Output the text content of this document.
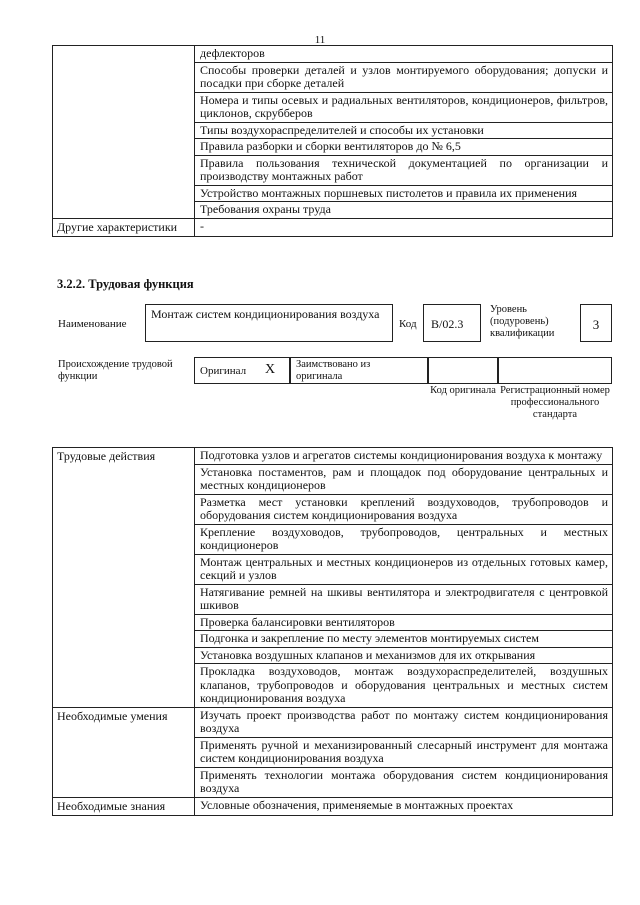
11
	дефлекторов
	Способы проверки деталей и узлов монтируемого оборудования; допуски и посадки при сборке деталей
	Номера и типы осевых и радиальных вентиляторов, кондиционеров, фильтров, циклонов, скрубберов
	Типы воздухораспределителей и способы их установки
	Правила разборки и сборки вентиляторов до № 6,5
	Правила пользования технической документацией по организации и производству монтажных работ
	Устройство монтажных поршневых пистолетов и правила их применения
	Требования охраны труда
Другие характеристики	-
3.2.2. Трудовая функция
Наименование
Монтаж систем кондиционирования воздуха
Код	В/02.3
Уровень (подуровень) квалификации
3
Происхождение трудовой функции	Оригинал Х Заимствовано из оригинала
Код оригинала Регистрационный номер профессионального стандарта
Трудовые действия	Подготовка узлов и агрегатов системы кондиционирования воздуха к монтажу
	Установка постаментов, рам и площадок под оборудование центральных и местных кондиционеров
	Разметка мест установки креплений воздуховодов, трубопроводов и оборудования систем кондиционирования воздуха
	Крепление воздуховодов, трубопроводов, центральных и местных кондиционеров
	Монтаж центральных и местных кондиционеров из отдельных готовых камер, секций и узлов
	Натягивание ремней на шкивы вентилятора и электродвигателя с центровкой шкивов
	Проверка балансировки вентиляторов
	Подгонка и закрепление по месту элементов монтируемых систем
	Установка воздушных клапанов и механизмов для их открывания
	Прокладка воздуховодов, монтаж воздухораспределителей, воздушных клапанов, трубопроводов и оборудования центральных и местных систем кондиционирования воздуха
Необходимые умения	Изучать проект производства работ по монтажу систем кондиционирования воздуха
	Применять ручной и механизированный слесарный инструмент для монтажа систем кондиционирования воздуха
	Применять технологии монтажа оборудования систем кондиционирования воздуха
Необходимые знания	Условные обозначения, применяемые в монтажных проектах
